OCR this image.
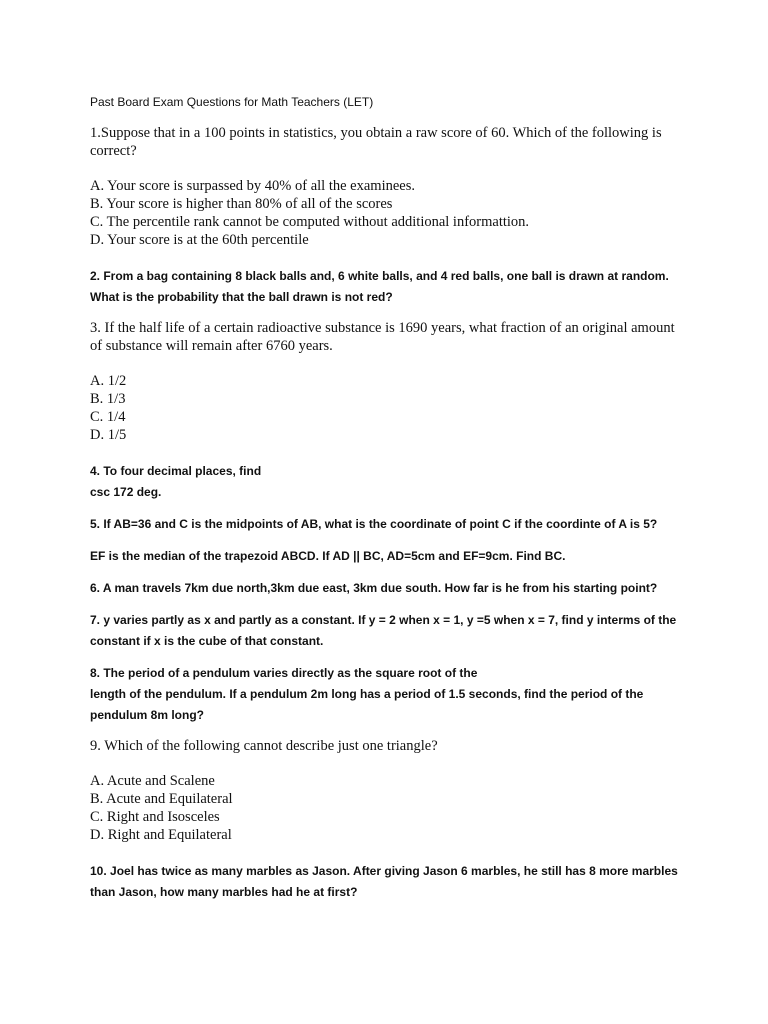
Past Board Exam Questions for Math Teachers (LET)

1.Suppose that in a 100 points in statistics, you obtain a raw score of 60. Which of the following is correct?

A. Your score is surpassed by 40% of all the examinees.
B. Your score is higher than 80% of all of the scores
C. The percentile rank cannot be computed without additional informattion.
D. Your score is at the 60th percentile
2. From a bag containing 8 black balls and, 6 white balls, and 4 red balls, one ball is drawn at random.
What is the probability that the ball drawn is not red?

3. If the half life of a certain radioactive substance is 1690 years, what fraction of an original amount of substance will remain after 6760 years.

A. 1/2
B. 1/3
C. 1/4
D. 1/5
4. To four decimal places, find
csc 172 deg.

5. If AB=36 and C is the midpoints of AB, what is the coordinate of point C if the coordinte of A is 5?

EF is the median of the trapezoid ABCD. If AD || BC, AD=5cm and EF=9cm. Find BC.

6. A man travels 7km due north,3km due east, 3km due south. How far is he from his starting point?

7. y varies partly as x and partly as a constant. If y = 2 when x = 1, y =5 when x = 7, find y interms of the
constant if x is the cube of that constant.
8. The period of a pendulum varies directly as the square root of the
length of the pendulum. If a pendulum 2m long has a period of 1.5 seconds, find the period of the
pendulum 8m long?

9. Which of the following cannot describe just one triangle?

A. Acute and Scalene
B. Acute and Equilateral
C. Right and Isosceles
D. Right and Equilateral
10. Joel has twice as many marbles as Jason. After giving Jason 6 marbles, he still has 8 more marbles
than Jason, how many marbles had he at first?
